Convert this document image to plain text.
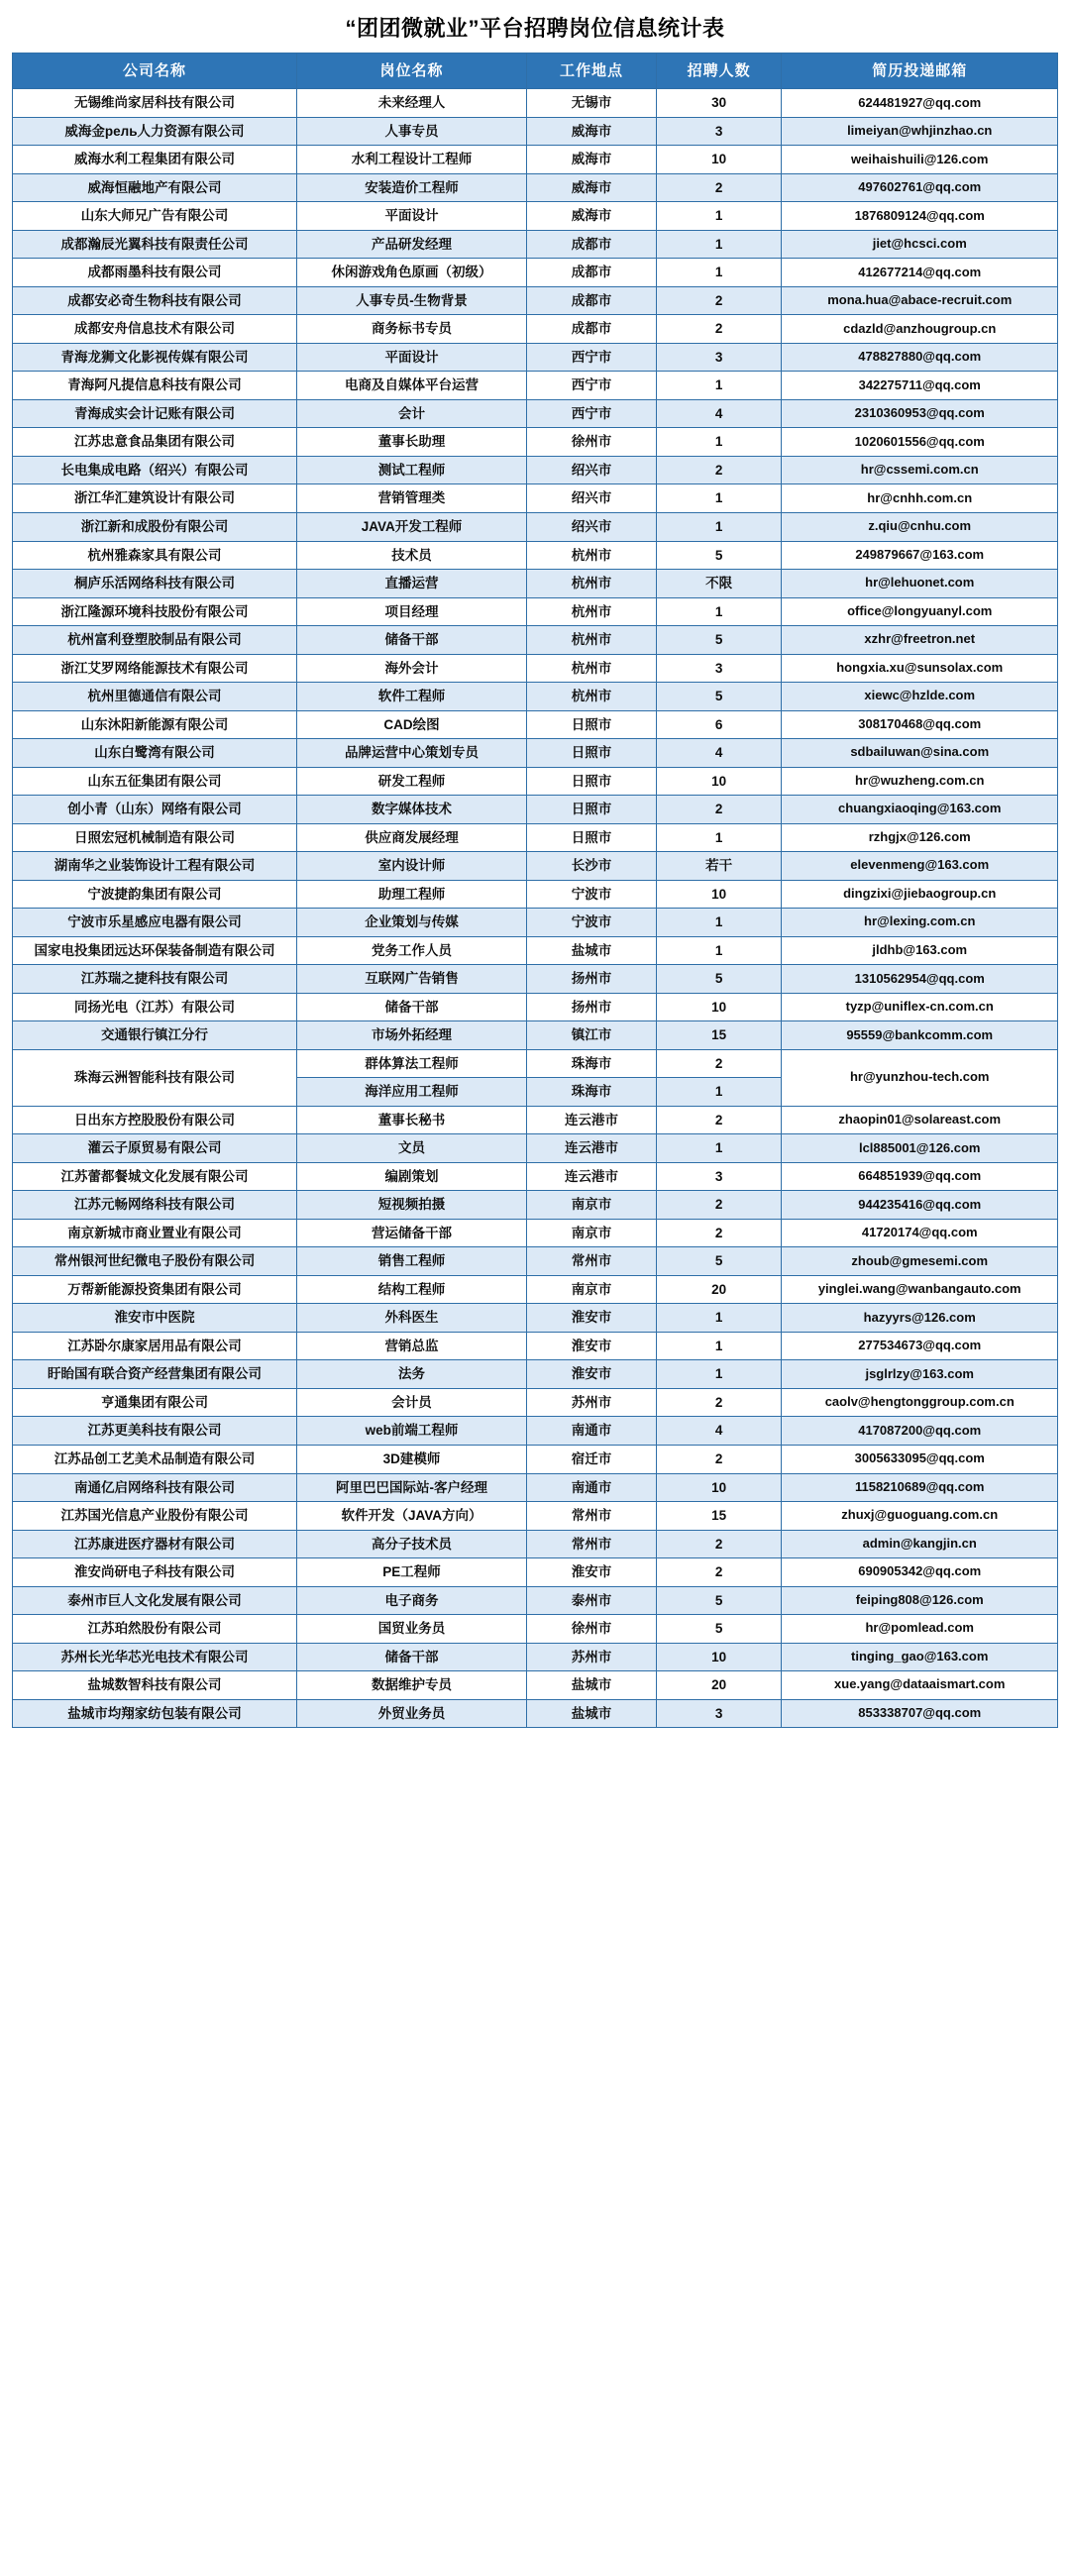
“团团微就业”平台招聘岗位信息统计表
公司名称	岗位名称	工作地点	招聘人数	简历投递邮箱
无锡维尚家居科技有限公司	未来经理人	无锡市	30	624481927@qq.com
威海金рель人力资源有限公司	人事专员	威海市	3	limeiyan@whjinzhao.cn
威海水利工程集团有限公司	水利工程设计工程师	威海市	10	weihaishuili@126.com
威海恒融地产有限公司	安装造价工程师	威海市	2	497602761@qq.com
山东大师兄广告有限公司	平面设计	威海市	1	1876809124@qq.com
成都瀚辰光翼科技有限责任公司	产品研发经理	成都市	1	jiet@hcsci.com
成都雨墨科技有限公司	休闲游戏角色原画（初级）	成都市	1	412677214@qq.com
成都安必奇生物科技有限公司	人事专员-生物背景	成都市	2	mona.hua@abace-recruit.com
成都安舟信息技术有限公司	商务标书专员	成都市	2	cdazld@anzhougroup.cn
青海龙狮文化影视传媒有限公司	平面设计	西宁市	3	478827880@qq.com
青海阿凡提信息科技有限公司	电商及自媒体平台运营	西宁市	1	342275711@qq.com
青海成实会计记账有限公司	会计	西宁市	4	2310360953@qq.com
江苏忠意食品集团有限公司	董事长助理	徐州市	1	1020601556@qq.com
长电集成电路（绍兴）有限公司	测试工程师	绍兴市	2	hr@cssemi.com.cn
浙江华汇建筑设计有限公司	营销管理类	绍兴市	1	hr@cnhh.com.cn
浙江新和成股份有限公司	JAVA开发工程师	绍兴市	1	z.qiu@cnhu.com
杭州雅森家具有限公司	技术员	杭州市	5	249879667@163.com
桐庐乐活网络科技有限公司	直播运营	杭州市	不限	hr@lehuonet.com
浙江隆源环境科技股份有限公司	项目经理	杭州市	1	office@longyuanyl.com
杭州富利登塑胶制品有限公司	储备干部	杭州市	5	xzhr@freetron.net
浙江艾罗网络能源技术有限公司	海外会计	杭州市	3	hongxia.xu@sunsolax.com
杭州里德通信有限公司	软件工程师	杭州市	5	xiewc@hzlde.com
山东沐阳新能源有限公司	CAD绘图	日照市	6	308170468@qq.com
山东白鹭湾有限公司	品牌运营中心策划专员	日照市	4	sdbailuwan@sina.com
山东五征集团有限公司	研发工程师	日照市	10	hr@wuzheng.com.cn
创小青（山东）网络有限公司	数字媒体技术	日照市	2	chuangxiaoqing@163.com
日照宏冠机械制造有限公司	供应商发展经理	日照市	1	rzhgjx@126.com
湖南华之业装饰设计工程有限公司	室内设计师	长沙市	若干	elevenmeng@163.com
宁波捷韵集团有限公司	助理工程师	宁波市	10	dingzixi@jiebaogroup.cn
宁波市乐星感应电器有限公司	企业策划与传媒	宁波市	1	hr@lexing.com.cn
国家电投集团远达环保装备制造有限公司	党务工作人员	盐城市	1	jldhb@163.com
江苏瑞之捷科技有限公司	互联网广告销售	扬州市	5	1310562954@qq.com
同扬光电（江苏）有限公司	储备干部	扬州市	10	tyzp@uniflex-cn.com.cn
交通银行镇江分行	市场外拓经理	镇江市	15	95559@bankcomm.com
珠海云洲智能科技有限公司	群体算法工程师	珠海市	2	hr@yunzhou-tech.com
	海洋应用工程师	珠海市	1	
日出东方控股股份有限公司	董事长秘书	连云港市	2	zhaopin01@solareast.com
灌云子原贸易有限公司	文员	连云港市	1	lcl885001@126.com
江苏蕾都餐城文化发展有限公司	编剧策划	连云港市	3	664851939@qq.com
江苏元畅网络科技有限公司	短视频拍摄	南京市	2	944235416@qq.com
南京新城市商业置业有限公司	营运储备干部	南京市	2	41720174@qq.com
常州银河世纪微电子股份有限公司	销售工程师	常州市	5	zhoub@gmesemi.com
万帮新能源投资集团有限公司	结构工程师	南京市	20	yinglei.wang@wanbangauto.com
淮安市中医院	外科医生	淮安市	1	hazyyrs@126.com
江苏卧尔康家居用品有限公司	营销总监	淮安市	1	277534673@qq.com
盱眙国有联合资产经营集团有限公司	法务	淮安市	1	jsglrlzy@163.com
亨通集团有限公司	会计员	苏州市	2	caolv@hengtonggroup.com.cn
江苏更美科技有限公司	web前端工程师	南通市	4	417087200@qq.com
江苏品创工艺美术品制造有限公司	3D建模师	宿迁市	2	3005633095@qq.com
南通亿启网络科技有限公司	阿里巴巴国际站-客户经理	南通市	10	1158210689@qq.com
江苏国光信息产业股份有限公司	软件开发（JAVA方向）	常州市	15	zhuxj@guoguang.com.cn
江苏康进医疗器材有限公司	高分子技术员	常州市	2	admin@kangjin.cn
淮安尚研电子科技有限公司	PE工程师	淮安市	2	690905342@qq.com
泰州市巨人文化发展有限公司	电子商务	泰州市	5	feiping808@126.com
江苏珀然股份有限公司	国贸业务员	徐州市	5	hr@pomlead.com
苏州长光华芯光电技术有限公司	储备干部	苏州市	10	tinging_gao@163.com
盐城数智科技有限公司	数据维护专员	盐城市	20	xue.yang@dataaismart.com
盐城市均翔家纺包装有限公司	外贸业务员	盐城市	3	853338707@qq.com
